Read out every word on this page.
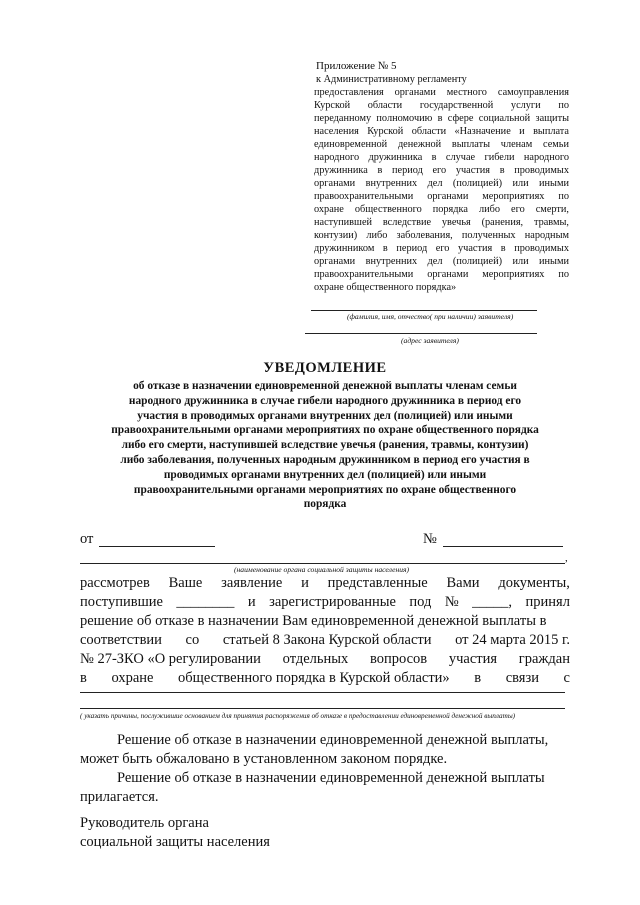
Приложение № 5
к Административному регламенту
предоставления органами местного самоуправления
Курской области государственной услуги по
переданному полномочию в сфере социальной защиты
населения Курской области «Назначение и выплата
единовременной денежной выплаты членам семьи
народного дружинника в случае гибели народного
дружинника в период его участия в проводимых
органами внутренних дел (полицией) или иными
правоохранительными органами мероприятиях по
охране общественного порядка либо его смерти,
наступившей вследствие увечья (ранения, травмы,
контузии) либо заболевания, полученных народным
дружинником в период его участия в проводимых
органами внутренних дел (полицией) или иными
правоохранительными органами мероприятиях по
охране общественного порядка»
(фамилия, имя, отчество( при наличии) заявителя)
(адрес заявителя)
УВЕДОМЛЕНИЕ
об отказе в назначении единовременной денежной выплаты членам семьи
народного дружинника в случае гибели народного дружинника в период его
участия в проводимых органами внутренних дел (полицией) или иными
правоохранительными органами мероприятиях по охране общественного порядка
либо его смерти, наступившей вследствие увечья (ранения, травмы, контузии)
либо заболевания, полученных народным дружинником в период его участия в
проводимых органами внутренних дел (полицией) или иными
правоохранительными органами мероприятиях по охране общественного
порядка
от	№
,
(наименование органа социальной защиты населения)
рассмотрев Ваше заявление и представленные Вами документы,
поступившие ________ и зарегистрированные под № _____, принял
решение об отказе в назначении Вам единовременной денежной выплаты в
соответствии со статьей 8 Закона Курской области от 24 марта 2015 г.
№ 27-ЗКО «О регулировании отдельных вопросов участия граждан
в охране общественного порядка в Курской области» в связи с
( указать причины, послужившие основанием для принятия распоряжения об отказе в предоставлении единовременной денежной выплаты)
Решение об отказе в назначении единовременной денежной выплаты, может быть обжаловано в установленном законом порядке.
Решение об отказе в назначении единовременной денежной выплаты прилагается.
Руководитель органа
социальной защиты населения
